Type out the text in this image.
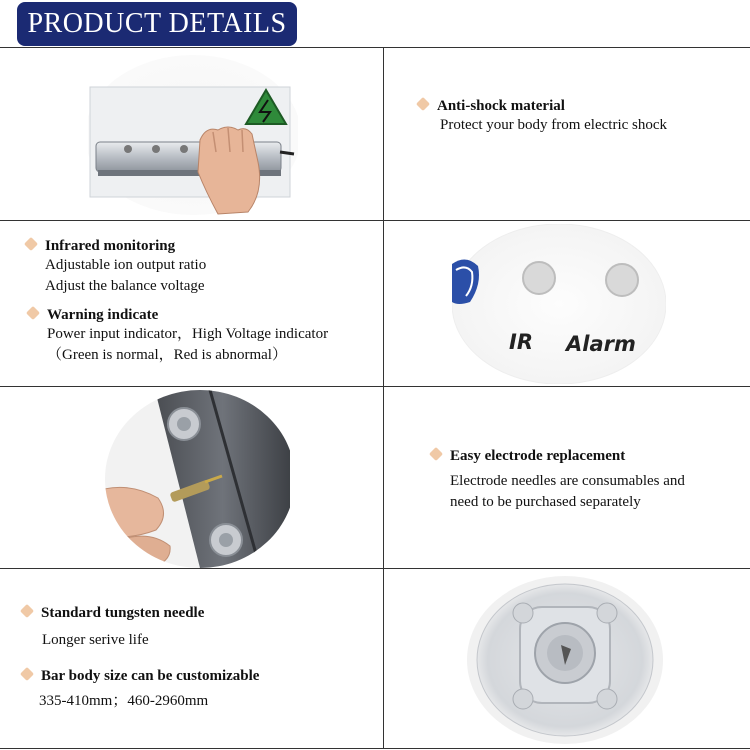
PRODUCT DETAILS
Anti-shock material
Protect your body from electric shock
Infrared monitoring
Adjustable ion output ratio
Adjust the balance voltage
Warning indicate
Power input indicator，High Voltage indicator
（Green is normal，Red is abnormal）
IR Alarm
Easy electrode replacement
Electrode needles are consumables and
need to be purchased separately
Standard tungsten needle
Longer serive life
Bar body size can be customizable
335-410mm；460-2960mm
